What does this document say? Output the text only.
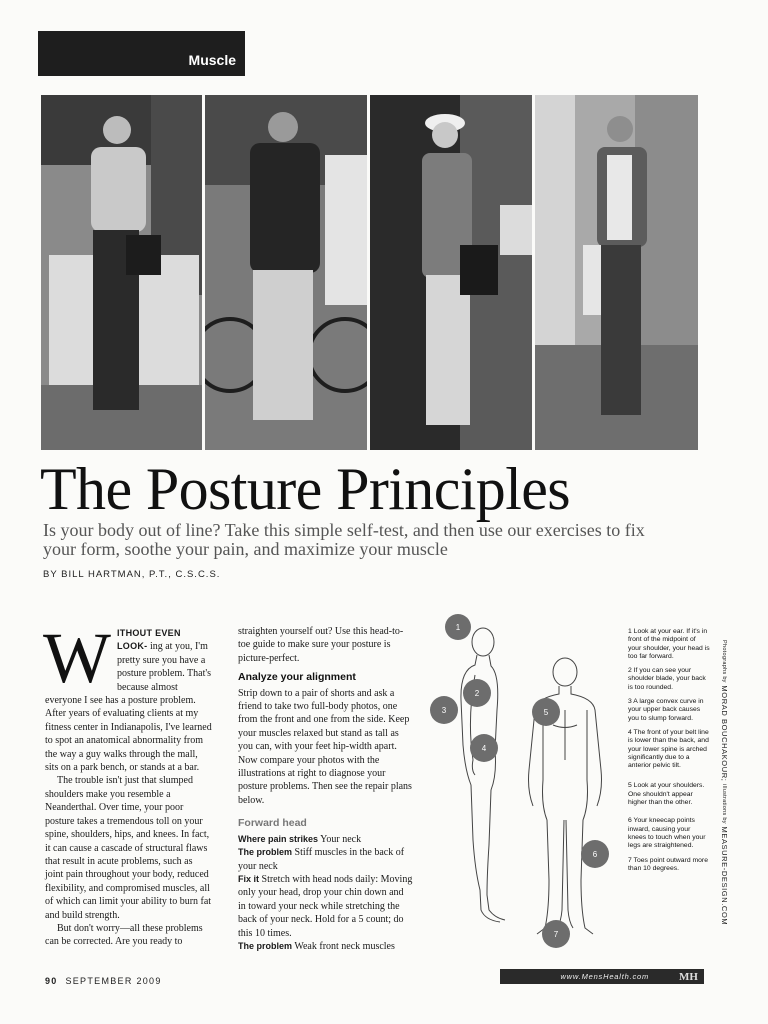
Muscle
The Posture Principles
Is your body out of line? Take this simple self-test, and then use our exercises to fix your form, soothe your pain, and maximize your muscle
BY BILL HARTMAN, P.T., C.S.C.S.

WITHOUT EVEN LOOK- ing at you, I'm pretty sure you have a posture problem. That's because almost everyone I see has a posture problem. After years of evaluating clients at my fitness center in Indianapolis, I've learned to spot an anatomical abnormality from the way a guy walks through the mall, sits on a park bench, or stands at a bar.

The trouble isn't just that slumped shoulders make you resemble a Neanderthal. Over time, your poor posture takes a tremendous toll on your spine, shoulders, hips, and knees. In fact, it can cause a cascade of structural flaws that result in acute problems, such as joint pain throughout your body, reduced flexibility, and compromised muscles, all of which can limit your ability to burn fat and build strength.

But don't worry—all these problems can be corrected. Are you ready to

straighten yourself out? Use this head-to-toe guide to make sure your posture is picture-perfect.

Analyze your alignment

Strip down to a pair of shorts and ask a friend to take two full-body photos, one from the front and one from the side. Keep your muscles relaxed but stand as tall as you can, with your feet hip-width apart. Now compare your photos with the illustrations at right to diagnose your posture problems. Then see the repair plans below.

Forward head

Where pain strikes Your neck

The problem Stiff muscles in the back of your neck

Fix it Stretch with head nods daily: Moving only your head, drop your chin down and in toward your neck while stretching the back of your neck. Hold for a 5 count; do this 10 times.

The problem Weak front neck muscles

1
2
3
4
5
6
7
1 Look at your ear. If it's in front of the midpoint of your shoulder, your head is too far forward.
2 If you can see your shoulder blade, your back is too rounded.
3 A large convex curve in your upper back causes you to slump forward.
4 The front of your belt line is lower than the back, and your lower spine is arched significantly due to a anterior pelvic tilt.
5 Look at your shoulders. One shouldn't appear higher than the other.
6 Your kneecap points inward, causing your knees to touch when your legs are straightened.
7 Toes point outward more than 10 degrees.
Photographs by MORAD BOUCHAKOUR; illustrations by MEASURE-DESIGN.COM
90 SEPTEMBER 2009	www.MensHealth.com	MH
